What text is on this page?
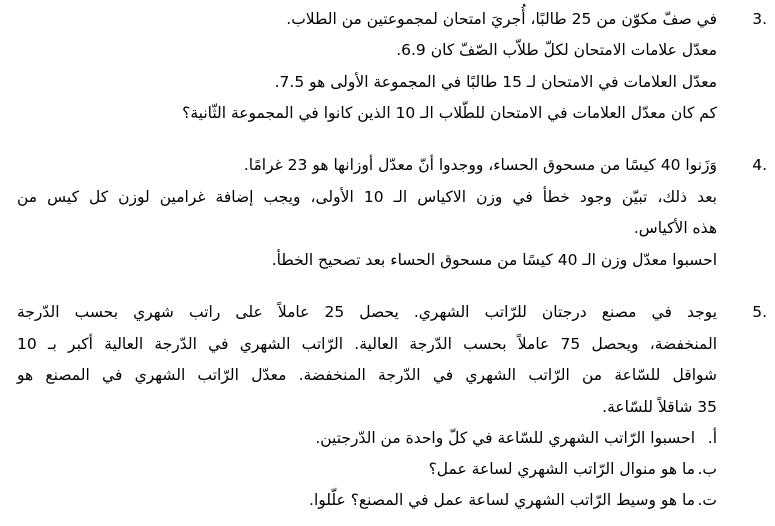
3.
في صفّ مكوّن من 25 طالبًا، أُجريَ امتحان لمجموعتين من الطلاب.
معدّل علامات الامتحان لكلّ طلاّب الصّفّ كان 6.9.
معدّل العلامات في الامتحان لـ 15 طالبًا في المجموعة الأولى هو 7.5.
كم كان معدّل العلامات في الامتحان للطّلاب الـ 10 الذين كانوا في المجموعة الثّانية؟
4.
وَزَنوا 40 كيسًا من مسحوق الحساء، ووجدوا أنّ معدّل أوزانها هو 23 غرامًا.
بعد ذلك، تبيّن وجود خطأ في وزن الاكياس الـ 10 الأولى، ويجب إضافة غرامين لوزن كل كيس من
هذه الأكياس.
احسبوا معدّل وزن الـ 40 كيسًا من مسحوق الحساء بعد تصحيح الخطأ.
5.
يوجد في مصنع درجتان للرّاتب الشهري. يحصل 25 عاملاً على راتب شهري بحسب الدّرجة
المنخفضة، ويحصل 75 عاملاً بحسب الدّرجة العالية. الرّاتب الشهري في الدّرجة العالية أكبر بـ 10
شواقل للسّاعة من الرّاتب الشهري في الدّرجة المنخفضة. معدّل الرّاتب الشهري في المصنع هو
35 شاقلاً للسّاعة.
أ.
احسبوا الرّاتب الشهري للسّاعة في كلّ واحدة من الدّرجتين.
ب.
ما هو منوال الرّاتب الشهري لساعة عمل؟
ت.
ما هو وسيط الرّاتب الشهري لساعة عمل في المصنع؟ علّلوا.
